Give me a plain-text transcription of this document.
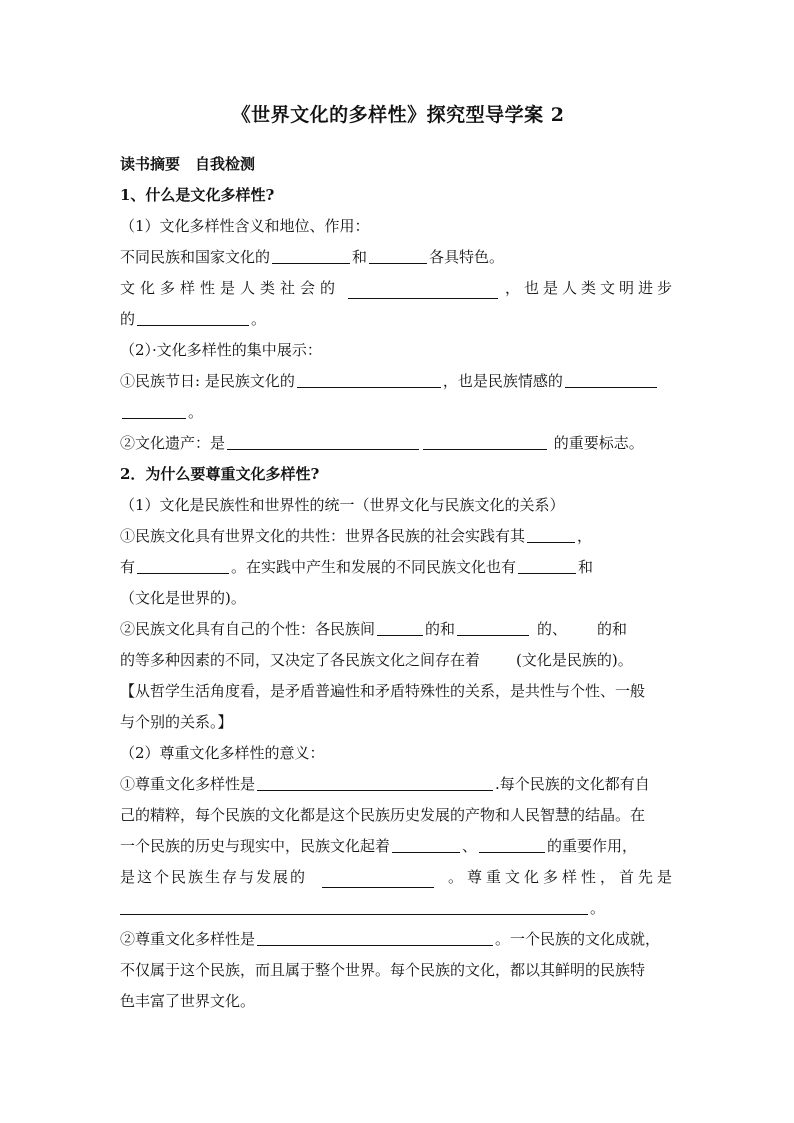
《世界文化的多样性》探究型导学案 2
读书摘要　自我检测
1、什么是文化多样性?
（1）文化多样性含义和地位、作用：
不同民族和国家文化的	和	各具特色。
文化多样性是人类社会的	，也是人类文明进步
的	。
（2）·文化多样性的集中展示：
①民族节日: 是民族文化的	，也是民族情感的
。
②文化遗产：是	的重要标志。
2．为什么要尊重文化多样性?
（1）文化是民族性和世界性的统一（世界文化与民族文化的关系）
①民族文化具有世界文化的共性：世界各民族的社会实践有其	，
有	。在实践中产生和发展的不同民族文化也有	和
（文化是世界的)。
②民族文化具有自己的个性：各民族间	的和	的、 的和
的等多种因素的不同，又决定了各民族文化之间存在着 (文化是民族的)。
【从哲学生活角度看，是矛盾普遍性和矛盾特殊性的关系，是共性与个性、一般
与个别的关系。】
（2）尊重文化多样性的意义：
①尊重文化多样性是	.每个民族的文化都有自
己的精粹，每个民族的文化都是这个民族历史发展的产物和人民智慧的结晶。在
一个民族的历史与现实中，民族文化起着	、	的重要作用，
是这个民族生存与发展的	。尊重文化多样性，首先是
。
②尊重文化多样性是	。一个民族的文化成就，
不仅属于这个民族，而且属于整个世界。每个民族的文化，都以其鲜明的民族特
色丰富了世界文化。
